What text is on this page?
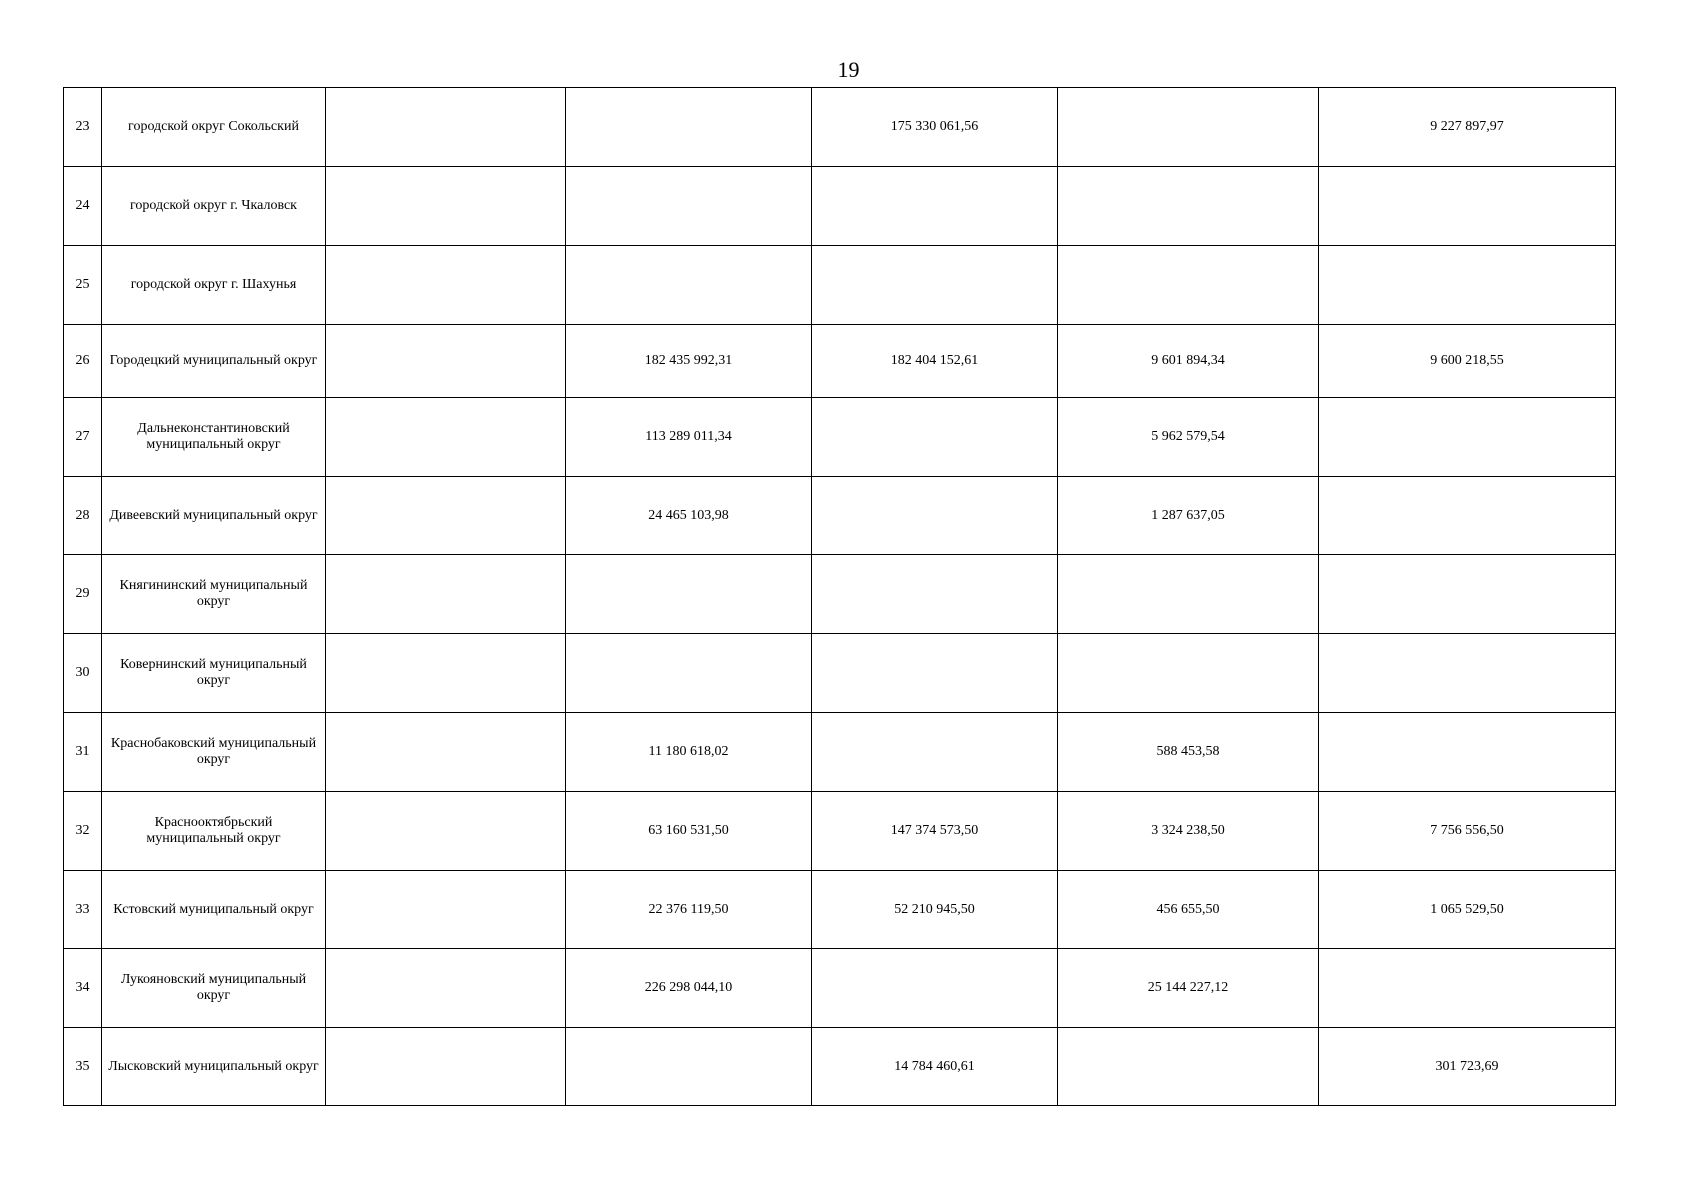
19
23	городской округ Сокольский			175 330 061,56		9 227 897,97
24	городской округ г. Чкаловск					
25	городской округ г. Шахунья					
26	Городецкий муниципальный округ		182 435 992,31	182 404 152,61	9 601 894,34	9 600 218,55
27	Дальнеконстантиновский муниципальный округ		113 289 011,34		5 962 579,54	
28	Дивеевский муниципальный округ		24 465 103,98		1 287 637,05	
29	Княгининский муниципальный округ					
30	Ковернинский муниципальный округ					
31	Краснобаковский муниципальный округ		11 180 618,02		588 453,58	
32	Краснооктябрьский муниципальный округ		63 160 531,50	147 374 573,50	3 324 238,50	7 756 556,50
33	Кстовский муниципальный округ		22 376 119,50	52 210 945,50	456 655,50	1 065 529,50
34	Лукояновский муниципальный округ		226 298 044,10		25 144 227,12	
35	Лысковский муниципальный округ			14 784 460,61		301 723,69
